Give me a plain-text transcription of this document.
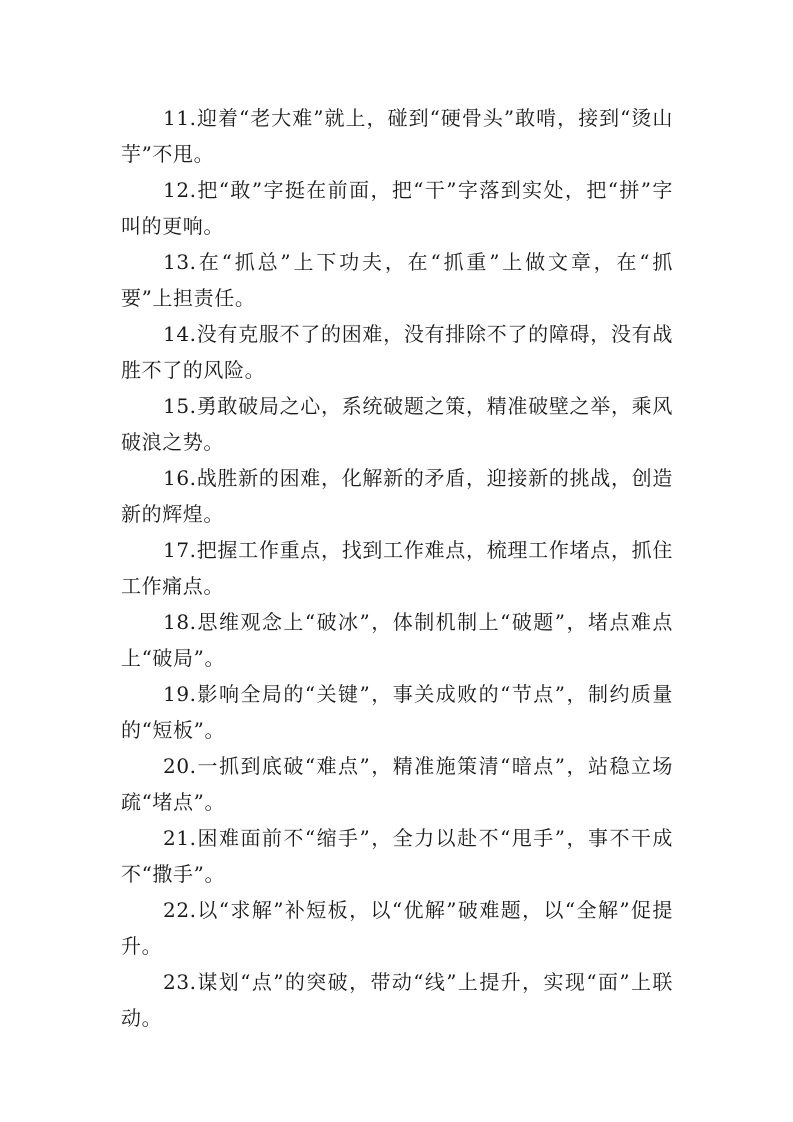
11.迎着“老大难”就上，碰到“硬骨头”敢啃，接到“烫山芋”不甩。

12.把“敢”字挺在前面，把“干”字落到实处，把“拼”字叫的更响。

13.在“抓总”上下功夫，在“抓重”上做文章，在“抓要”上担责任。

14.没有克服不了的困难，没有排除不了的障碍，没有战胜不了的风险。

15.勇敢破局之心，系统破题之策，精准破壁之举，乘风破浪之势。

16.战胜新的困难，化解新的矛盾，迎接新的挑战，创造新的辉煌。

17.把握工作重点，找到工作难点，梳理工作堵点，抓住工作痛点。

18.思维观念上“破冰”，体制机制上“破题”，堵点难点上“破局”。

19.影响全局的“关键”，事关成败的“节点”，制约质量的“短板”。

20.一抓到底破“难点”，精准施策清“暗点”，站稳立场疏“堵点”。

21.困难面前不“缩手”，全力以赴不“甩手”，事不干成不“撒手”。

22.以“求解”补短板，以“优解”破难题，以“全解”促提升。

23.谋划“点”的突破，带动“线”上提升，实现“面”上联动。
